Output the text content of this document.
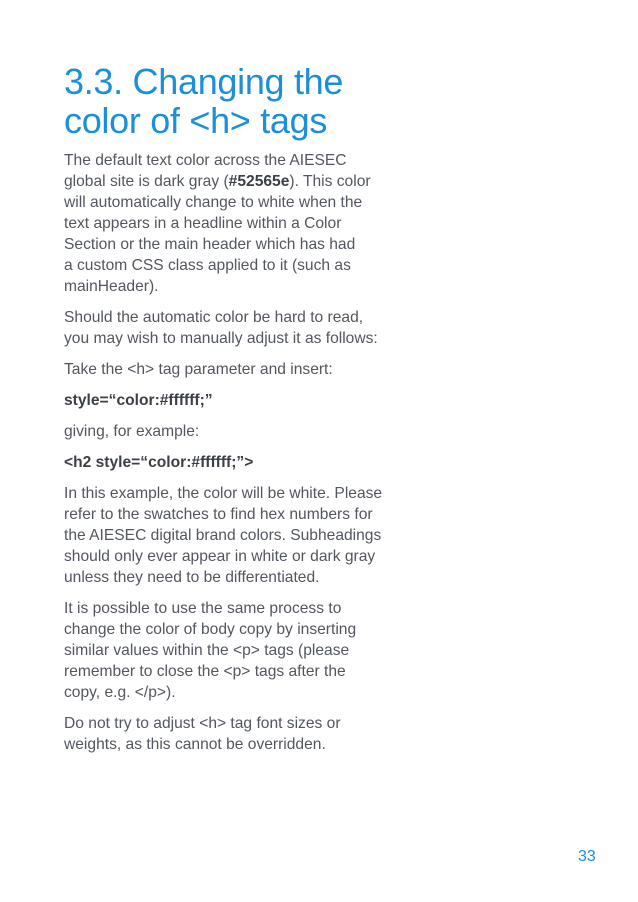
3.3. Changing the
color of <h> tags

The default text color across the AIESEC
global site is dark gray (#52565e). This color
will automatically change to white when the
text appears in a headline within a Color
Section or the main header which has had
a custom CSS class applied to it (such as
mainHeader).

Should the automatic color be hard to read,
you may wish to manually adjust it as follows:

Take the <h> tag parameter and insert:

style=“color:#ffffff;”

giving, for example:

<h2 style=“color:#ffffff;”>

In this example, the color will be white. Please
refer to the swatches to find hex numbers for
the AIESEC digital brand colors. Subheadings
should only ever appear in white or dark gray
unless they need to be differentiated.

It is possible to use the same process to
change the color of body copy by inserting
similar values within the <p> tags (please
remember to close the <p> tags after the
copy, e.g. </p>).

Do not try to adjust <h> tag font sizes or
weights, as this cannot be overridden.

33
